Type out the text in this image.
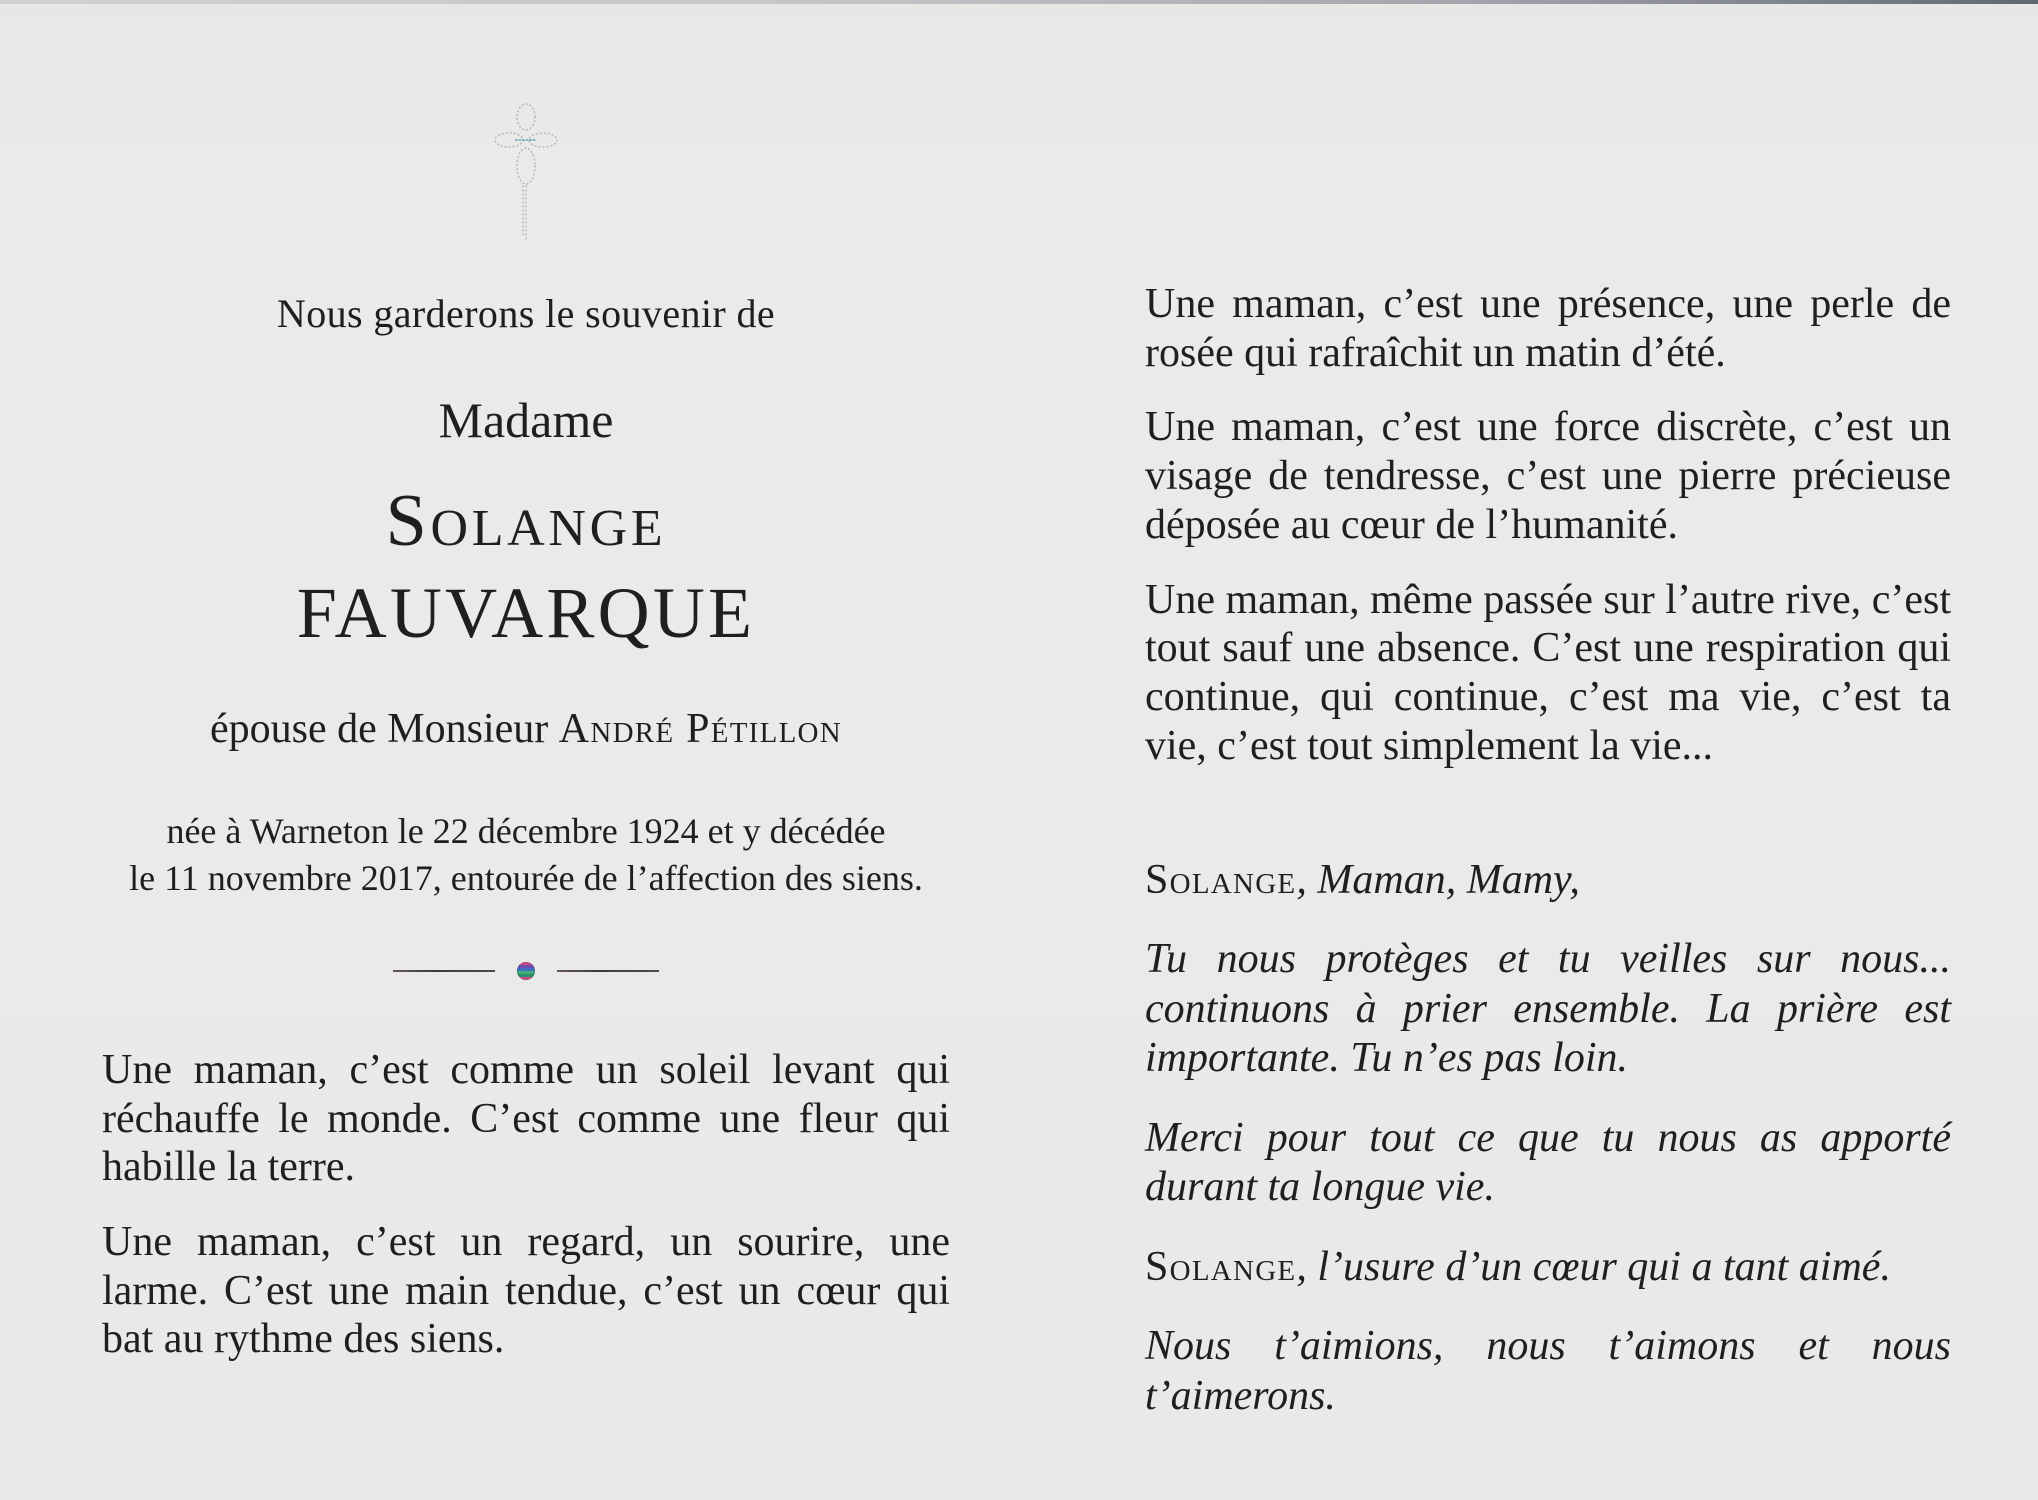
Nous garderons le souvenir de

Madame
Solange
FAUVARQUE

épouse de Monsieur André Pétillon

née à Warneton le 22 décembre 1924 et y décédée
le 11 novembre 2017, entourée de l’affection des siens.

Une maman, c’est comme un soleil levant qui réchauffe le monde. C’est comme une fleur qui habille la terre.

Une maman, c’est un regard, un sourire, une larme. C’est une main tendue, c’est un cœur qui bat au rythme des siens.

Une maman, c’est une présence, une perle de rosée qui rafraîchit un matin d’été.

Une maman, c’est une force discrète, c’est un visage de tendresse, c’est une pierre précieuse déposée au cœur de l’humanité.

Une maman, même passée sur l’autre rive, c’est tout sauf une absence. C’est une respiration qui continue, qui continue, c’est ma vie, c’est ta vie, c’est tout simplement la vie...

Solange, Maman, Mamy,

Tu nous protèges et tu veilles sur nous... continuons à prier ensemble. La prière est importante. Tu n’es pas loin.

Merci pour tout ce que tu nous as apporté durant ta longue vie.

Solange, l’usure d’un cœur qui a tant aimé.

Nous t’aimions, nous t’aimons et nous t’aimerons.
